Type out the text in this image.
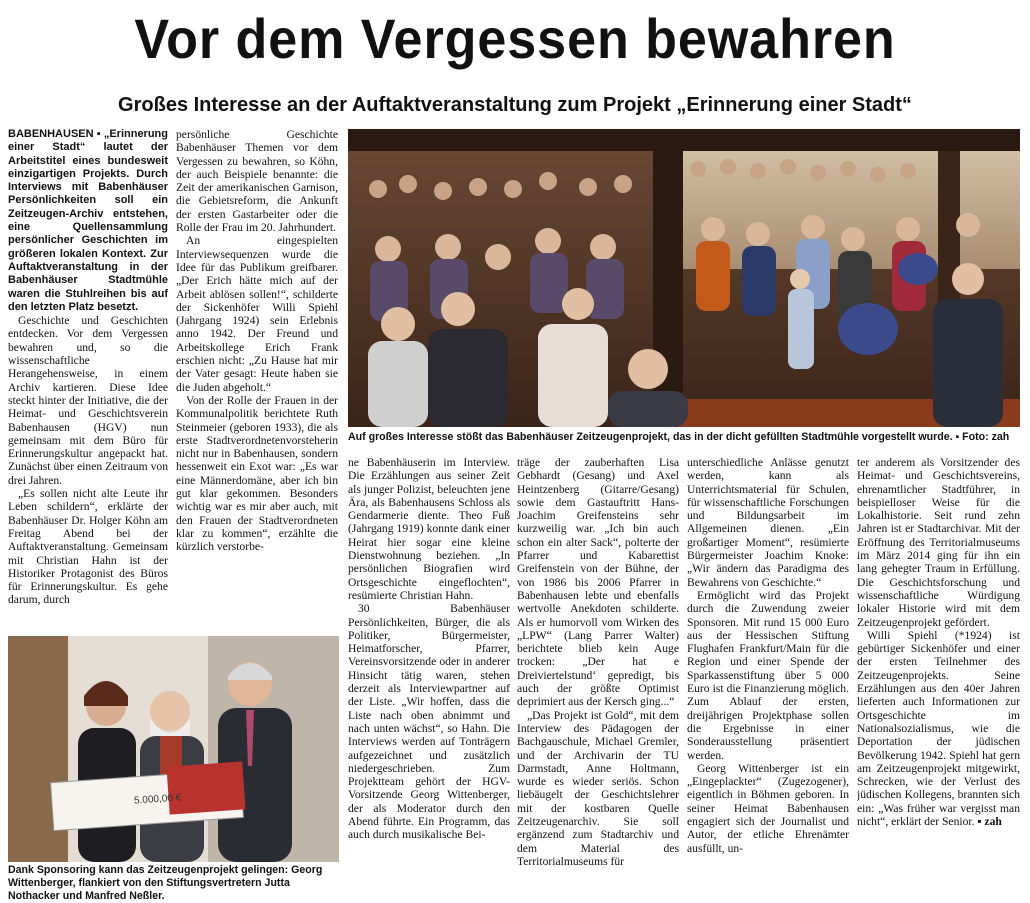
Vor dem Vergessen bewahren
Großes Interesse an der Auftaktveranstaltung zum Projekt „Erinnerung einer Stadt“

BABENHAUSEN ▪ „Erinnerung einer Stadt“ lautet der Arbeitstitel eines bundesweit einzigartigen Projekts. Durch Interviews mit Babenhäuser Persönlichkeiten soll ein Zeitzeugen-Archiv entstehen, eine Quellensammlung persönlicher Geschichten im größeren lokalen Kontext. Zur Auftaktveranstaltung in der Babenhäuser Stadtmühle waren die Stuhlreihen bis auf den letzten Platz besetzt.

Geschichte und Geschichten entdecken. Vor dem Vergessen bewahren und, so die wissenschaftliche Herangehensweise, in einem Archiv kartieren. Diese Idee steckt hinter der Initiative, die der Heimat- und Geschichtsverein Babenhausen (HGV) nun gemeinsam mit dem Büro für Erinnerungskultur angepackt hat. Zunächst über einen Zeitraum von drei Jahren.

„Es sollen nicht alte Leute ihr Leben schildern“, erklärte der Babenhäuser Dr. Holger Köhn am Freitag Abend bei der Auftaktveranstaltung. Gemeinsam mit Christian Hahn ist der Historiker Protagonist des Büros für Erinnerungskultur. Es gehe darum, durch

persönliche Geschichte Babenhäuser Themen vor dem Vergessen zu bewahren, so Köhn, der auch Beispiele benannte: die Zeit der amerikanischen Garnison, die Gebietsreform, die Ankunft der ersten Gastarbeiter oder die Rolle der Frau im 20. Jahrhundert.

An eingespielten Interviewsequenzen wurde die Idee für das Publikum greifbarer. „Der Erich hätte mich auf der Arbeit ablösen sollen!“, schilderte der Sickenhöfer Willi Spiehl (Jahrgang 1924) sein Erlebnis anno 1942. Der Freund und Arbeitskollege Erich Frank erschien nicht: „Zu Hause hat mir der Vater gesagt: Heute haben sie die Juden abgeholt.“

Von der Rolle der Frauen in der Kommunalpolitik berichtete Ruth Steinmeier (geboren 1933), die als erste Stadtverordnetenvorsteherin nicht nur in Babenhausen, sondern hessenweit ein Exot war: „Es war eine Männerdomäne, aber ich bin gut klar gekommen. Besonders wichtig war es mir aber auch, mit den Frauen der Stadtverordneten klar zu kommen“, erzählte die kürzlich verstorbe-

Auf großes Interesse stößt das Babenhäuser Zeitzeugenprojekt, das in der dicht gefüllten Stadtmühle vorgestellt wurde. ▪ Foto: zah

ne Babenhäuserin im Interview. Die Erzählungen aus seiner Zeit als junger Polizist, beleuchten jene Ära, als Babenhausens Schloss als Gendarmerie diente. Theo Fuß (Jahrgang 1919) konnte dank einer Heirat hier sogar eine kleine Dienstwohnung beziehen. „In persönlichen Biografien wird Ortsgeschichte eingeflochten“, resümierte Christian Hahn.

30 Babenhäuser Persönlichkeiten, Bürger, die als Politiker, Bürgermeister, Heimatforscher, Pfarrer, Vereinsvorsitzende oder in anderer Hinsicht tätig waren, stehen derzeit als Interviewpartner auf der Liste. „Wir hoffen, dass die Liste nach oben abnimmt und nach unten wächst“, so Hahn. Die Interviews werden auf Tonträgern aufgezeichnet und zusätzlich niedergeschrieben. Zum Projektteam gehört der HGV-Vorsitzende Georg Wittenberger, der als Moderator durch den Abend führte. Ein Programm, das auch durch musikalische Bei-

träge der zauberhaften Lisa Gebhardt (Gesang) und Axel Heintzenberg (Gitarre/Gesang) sowie dem Gastauftritt Hans-Joachim Greifensteins sehr kurzweilig war. „Ich bin auch schon ein alter Sack“, polterte der Pfarrer und Kabarettist Greifenstein von der Bühne, der von 1986 bis 2006 Pfarrer in Babenhausen lebte und ebenfalls wertvolle Anekdoten schilderte. Als er humorvoll vom Wirken des „LPW“ (Lang Parrer Walter) berichtete blieb kein Auge trocken: „Der hat e Dreiviertelstund‘ gepredigt, bis auch der größte Optimist deprimiert aus der Kersch ging...“

„Das Projekt ist Gold“, mit dem Interview des Pädagogen der Bachgauschule, Michael Gremler, und der Archivarin der TU Darmstadt, Anne Holtmann, wurde es wieder seriös. Schon liebäugelt der Geschichtslehrer mit der kostbaren Quelle Zeitzeugenarchiv. Sie soll ergänzend zum Stadtarchiv und dem Material des Territorialmuseums für

unterschiedliche Anlässe genutzt werden, kann als Unterrichtsmaterial für Schulen, für wissenschaftliche Forschungen und Bildungsarbeit im Allgemeinen dienen. „Ein großartiger Moment“, resümierte Bürgermeister Joachim Knoke: „Wir ändern das Paradigma des Bewahrens von Geschichte.“

Ermöglicht wird das Projekt durch die Zuwendung zweier Sponsoren. Mit rund 15 000 Euro aus der Hessischen Stiftung Flughafen Frankfurt/Main für die Region und einer Spende der Sparkassenstiftung über 5 000 Euro ist die Finanzierung möglich. Zum Ablauf der ersten, dreijährigen Projektphase sollen die Ergebnisse in einer Sonderausstellung präsentiert werden.

Georg Wittenberger ist ein „Eingeplackter“ (Zugezogener), eigentlich in Böhmen geboren. In seiner Heimat Babenhausen engagiert sich der Journalist und Autor, der etliche Ehrenämter ausfüllt, un-

ter anderem als Vorsitzender des Heimat- und Geschichtsvereins, ehrenamtlicher Stadtführer, in beispielloser Weise für die Lokalhistorie. Seit rund zehn Jahren ist er Stadtarchivar. Mit der Eröffnung des Territorialmuseums im März 2014 ging für ihn ein lang gehegter Traum in Erfüllung. Die Geschichtsforschung und wissenschaftliche Würdigung lokaler Historie wird mit dem Zeitzeugenprojekt gefördert.

Willi Spiehl (*1924) ist gebürtiger Sickenhöfer und einer der ersten Teilnehmer des Zeitzeugenprojekts. Seine Erzählungen aus den 40er Jahren lieferten auch Informationen zur Ortsgeschichte im Nationalsozialismus, wie die Deportation der jüdischen Bevölkerung 1942. Spiehl hat gern am Zeitzeugenprojekt mitgewirkt, Schrecken, wie der Verlust des jüdischen Kollegens, brannten sich ein: „Was früher war vergisst man nicht“, erklärt der Senior. ▪ zah

5.000,00 €
Dank Sponsoring kann das Zeitzeugenprojekt gelingen: Georg Wittenberger, flankiert von den Stiftungsvertretern Jutta Nothacker und Manfred Neßler.
